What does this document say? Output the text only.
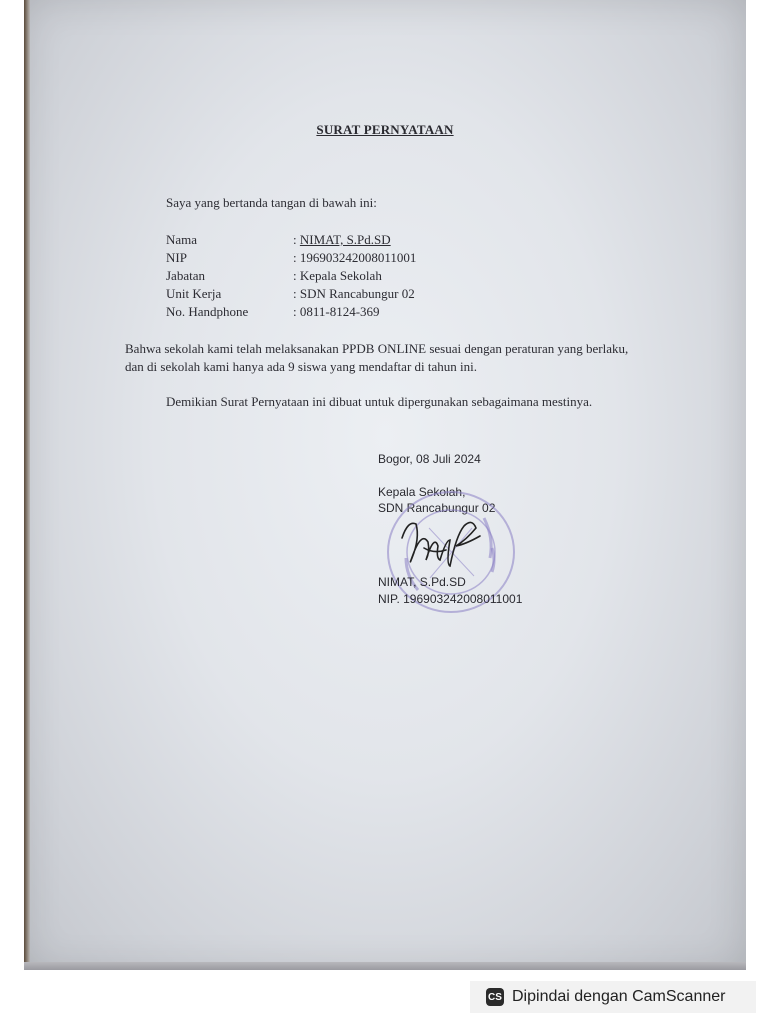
SURAT PERNYATAAN
Saya yang bertanda tangan di bawah ini:
Nama	: NIMAT, S.Pd.SD
NIP	: 196903242008011001
Jabatan	: Kepala Sekolah
Unit Kerja	: SDN Rancabungur 02
No. Handphone	: 0811-8124-369
Bahwa sekolah kami telah melaksanakan PPDB ONLINE sesuai dengan peraturan yang berlaku,
dan di sekolah kami hanya ada 9 siswa yang mendaftar di tahun ini.
Demikian Surat Pernyataan ini dibuat untuk dipergunakan sebagaimana mestinya.
Bogor, 08 Juli 2024
Kepala Sekolah,
SDN Rancabungur 02
NIMAT, S.Pd.SD
NIP. 196903242008011001
CS Dipindai dengan CamScanner
